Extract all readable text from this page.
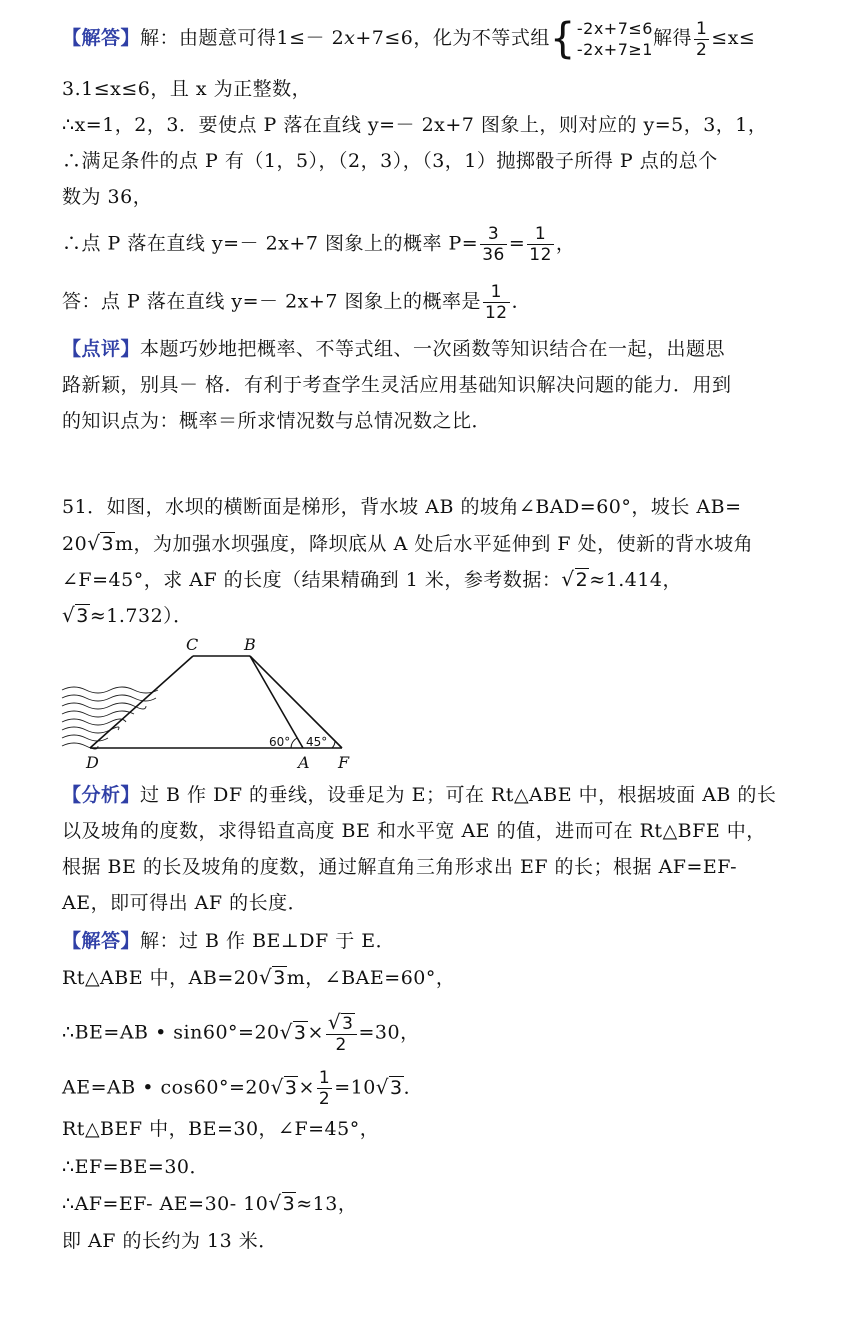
【解答】解：由题意可得1≤－ 2x+7≤6，化为不等式组{ -2x+7≤6
-2x+7≥1
解得 $\frac{1}{2} \le x\le$
3.1≤x≤6，且 x 为正整数，
∴x=1，2，3．要使点 P 落在直线 y=－ 2x+7 图象上，则对应的 y=5，3，1，
∴满足条件的点 P 有（1，5），（2，3），（3，1）抛掷骰子所得 P 点的总个
数为 36，
∴点 P 落在直线 y=－ 2x+7 图象上的概率 $P= \frac{3}{36} = \frac{1}{12}$ ，
答：点 P 落在直线 y=－ 2x+7 图象上的概率是 $\frac{1}{12}$ ．
【点评】本题巧妙地把概率、不等式组、一次函数等知识结合在一起，出题思
路新颖，别具－ 格．有利于考查学生灵活应用基础知识解决问题的能力．用到
的知识点为：概率＝所求情况数与总情况数之比．
51．如图，水坝的横断面是梯形，背水坡 AB 的坡角∠BAD=60°，坡长 AB=
20√3m，为加强水坝强度，降坝底从 A 处后水平延伸到 F 处，使新的背水坡角
∠F=45°，求 AF 的长度（结果精确到 1 米，参考数据：√2≈1.414，
√3≈1.732）．
C	B
D	A F
60° 45°
【分析】过 B 作 DF 的垂线，设垂足为 E；可在 Rt△ABE 中，根据坡面 AB 的长
以及坡角的度数，求得铅直高度 BE 和水平宽 AE 的值，进而可在 Rt△BFE 中，
根据 BE 的长及坡角的度数，通过解直角三角形求出 EF 的长；根据 AF=EF-
AE，即可得出 AF 的长度．
【解答】解：过 B 作 BE⊥DF 于 E．
Rt△ABE 中，AB=20√3m，∠BAE=60°，
∴BE=AB • $\sin 60^\circ=20√3\times \frac{√3}{2} =30$，
AE=AB • $\cos 60^\circ=20√3\times \frac{1}{2} =10√3$．
Rt△BEF 中，BE=30，∠F=45°，
∴EF=BE=30．
∴AF=EF- AE=30- 10√3≈13，
即 AF 的长约为 13 米．
